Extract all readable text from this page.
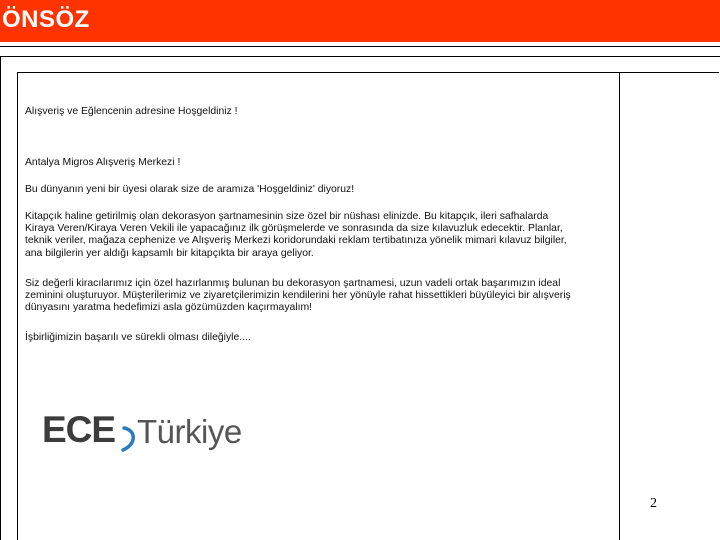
ÖNSÖZ
Alışveriş ve Eğlencenin adresine Hoşgeldiniz !
Antalya Migros Alışveriş Merkezi !
Bu dünyanın yeni bir üyesi olarak size de aramıza 'Hoşgeldiniz' diyoruz!
Kitapçık haline getirilmiş olan dekorasyon şartnamesinin size özel bir nüshası elinizde. Bu kitapçık, ileri safhalarda
Kiraya Veren/Kiraya Veren Vekili ile yapacağınız ilk görüşmelerde ve sonrasında da size kılavuzluk edecektir. Planlar,
teknik veriler, mağaza cephenize ve Alışveriş Merkezi koridorundaki reklam tertibatınıza yönelik mimari kılavuz bilgiler,
ana bilgilerin yer aldığı kapsamlı bir kitapçıkta bir araya geliyor.
Siz değerli kiracılarımız için özel hazırlanmış bulunan bu dekorasyon şartnamesi, uzun vadeli ortak başarımızın ideal
zeminini oluşturuyor. Müşterilerimiz ve ziyaretçilerimizin kendilerini her yönüyle rahat hissettikleri büyüleyici bir alışveriş
dünyasını yaratma hedefimizi asla gözümüzden kaçırmayalım!
İşbirliğimizin başarılı ve sürekli olması dileğiyle....
ECE Türkiye
2
